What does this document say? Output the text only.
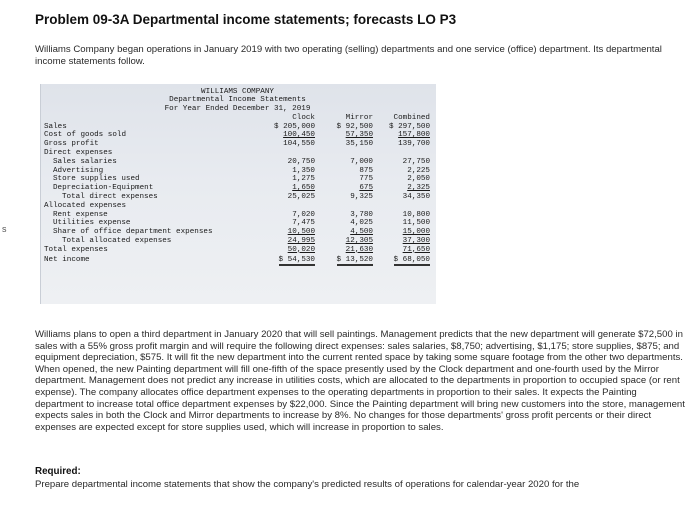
Problem 09-3A Departmental income statements; forecasts LO P3
Williams Company began operations in January 2019 with two operating (selling) departments and one service (office) department. Its departmental income statements follow.
s
WILLIAMS COMPANY
Departmental Income Statements
For Year Ended December 31, 2019
Clock	Mirror	Combined
Sales	$ 205,000	$ 92,500 $ 297,500
Cost of goods sold	100,450	57,350	157,800
Gross profit	104,550	35,150	139,700
Direct expenses
Sales salaries	20,750	7,000	27,750
Advertising	1,350	875	2,225
Store supplies used	1,275	775	2,050
Depreciation-Equipment	1,650	675	2,325
Total direct expenses	25,025	9,325	34,350
Allocated expenses
Rent expense	7,020	3,780	10,800
Utilities expense	7,475	4,025	11,500
Share of office department expenses	10,500	4,500	15,000
Total allocated expenses	24,995	12,305	37,300
Total expenses	50,020	21,630	71,650
Net income	$ 54,530	$ 13,520	$ 68,050
Williams plans to open a third department in January 2020 that will sell paintings. Management predicts that the new department will generate $72,500 in sales with a 55% gross profit margin and will require the following direct expenses: sales salaries, $8,750; advertising, $1,175; store supplies, $875; and equipment depreciation, $575. It will fit the new department into the current rented space by taking some square footage from the other two departments. When opened, the new Painting department will fill one-fifth of the space presently used by the Clock department and one-fourth used by the Mirror department. Management does not predict any increase in utilities costs, which are allocated to the departments in proportion to occupied space (or rent expense). The company allocates office department expenses to the operating departments in proportion to their sales. It expects the Painting department to increase total office department expenses by $22,000. Since the Painting department will bring new customers into the store, management expects sales in both the Clock and Mirror departments to increase by 8%. No changes for those departments' gross profit percents or their direct expenses are expected except for store supplies used, which will increase in proportion to sales.
Required:
Prepare departmental income statements that show the company's predicted results of operations for calendar-year 2020 for the
